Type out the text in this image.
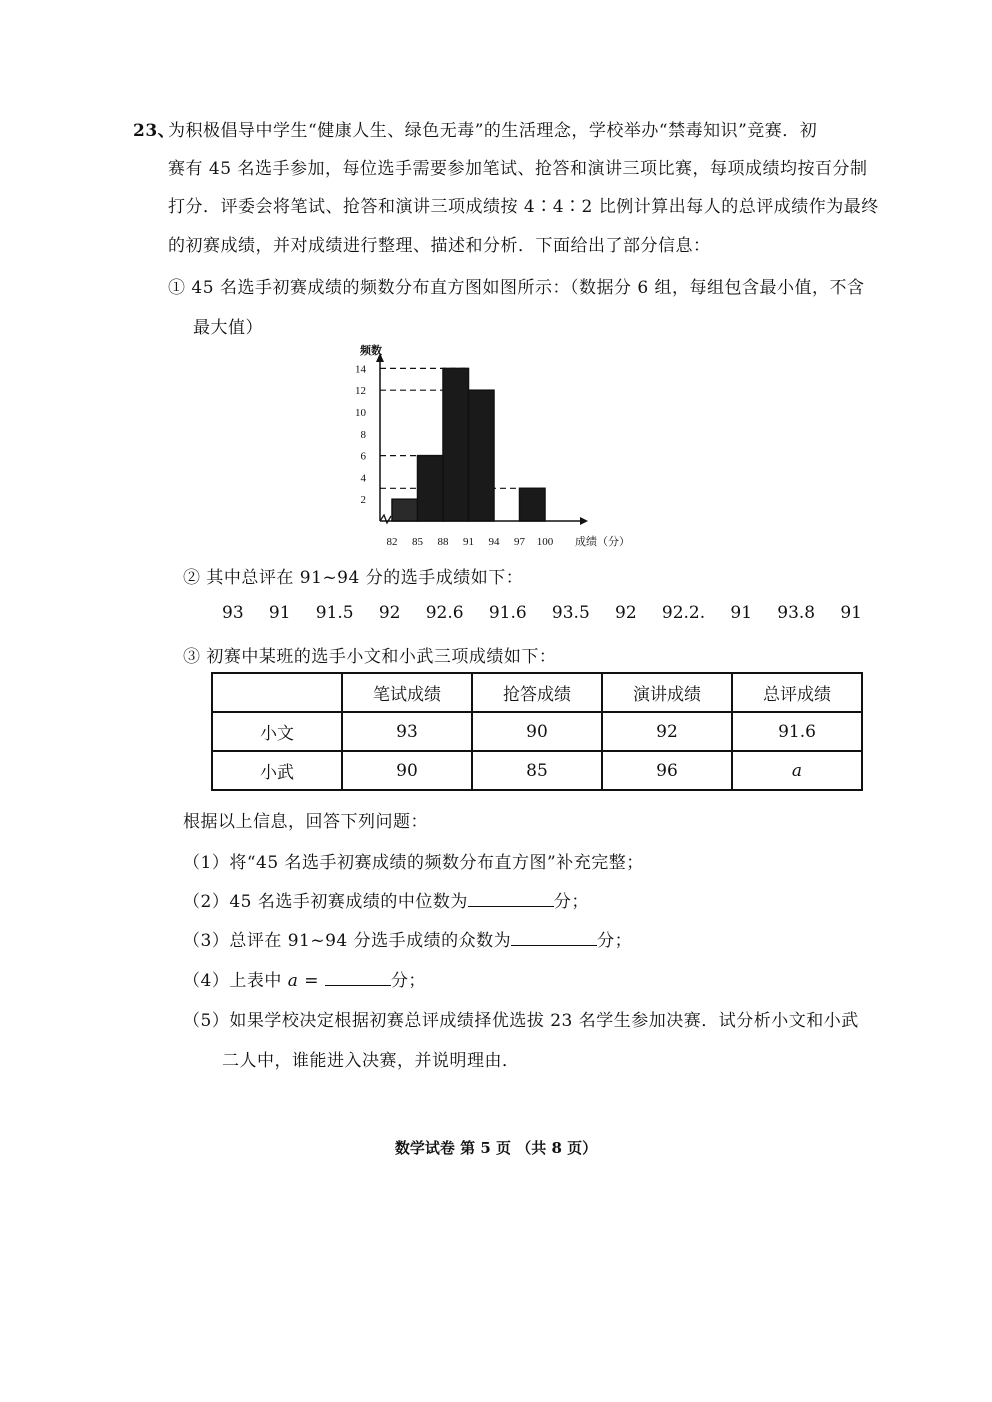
23、
为积极倡导中学生“健康人生、绿色无毒”的生活理念，学校举办“禁毒知识”竞赛．初
赛有 45 名选手参加，每位选手需要参加笔试、抢答和演讲三项比赛，每项成绩均按百分制
打分．评委会将笔试、抢答和演讲三项成绩按 4∶4∶2 比例计算出每人的总评成绩作为最终
的初赛成绩，并对成绩进行整理、描述和分析．下面给出了部分信息：
① 45 名选手初赛成绩的频数分布直方图如图所示：（数据分 6 组，每组包含最小值，不含
最大值）
2
4
6
8
10
12
14
82 85 88 91 94 97 100
频数
成绩（分）
② 其中总评在 91~94 分的选手成绩如下：
93 91 91.5 92 92.6 91.6 93.5 92 92.2. 91 93.8 91
③ 初赛中某班的选手小文和小武三项成绩如下：
	笔试成绩	抢答成绩	演讲成绩	总评成绩
小文	93	90	92	91.6
小武	90	85	96	a
根据以上信息，回答下列问题：
（1）将“45 名选手初赛成绩的频数分布直方图”补充完整；
（2）45 名选手初赛成绩的中位数为	分；
（3）总评在 91~94 分选手成绩的众数为	分；
（4）上表中 a =	分；
（5）如果学校决定根据初赛总评成绩择优选拔 23 名学生参加决赛．试分析小文和小武
二人中，谁能进入决赛，并说明理由．
数学试卷 第 5 页 （共 8 页）
